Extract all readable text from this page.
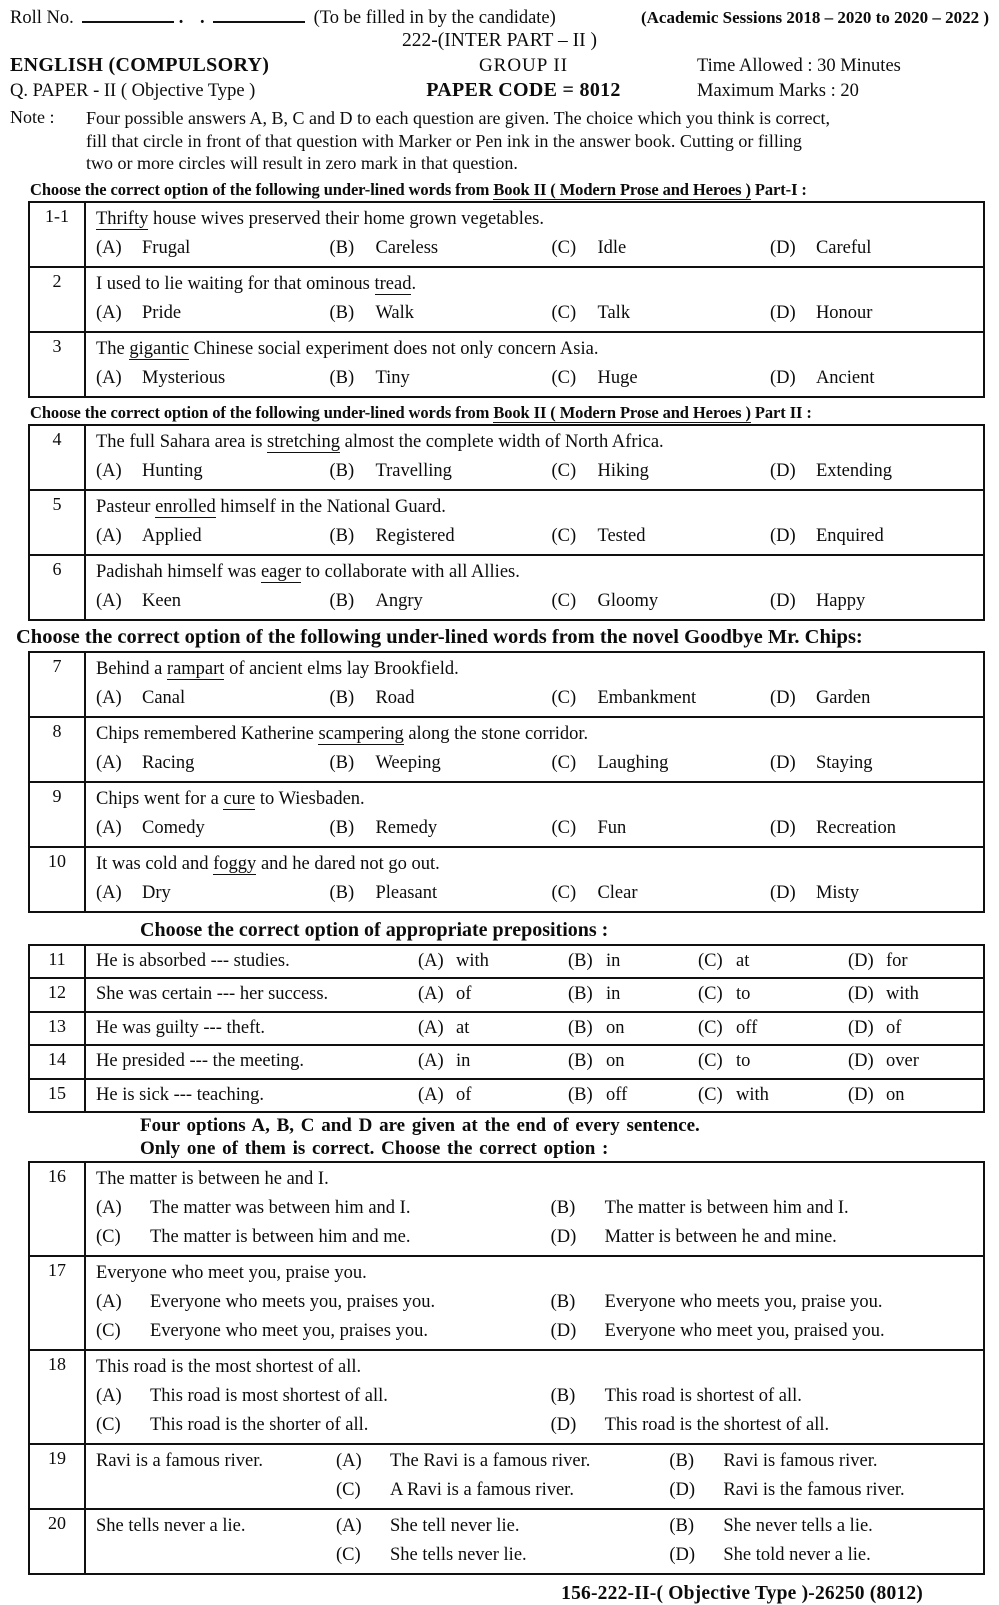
Roll No.	. .	(To be filled in by the candidate)	(Academic Sessions 2018 – 2020 to 2020 – 2022 )
222-(INTER PART – II )
ENGLISH (COMPULSORY)	GROUP II	Time Allowed : 30 Minutes
Q. PAPER - II ( Objective Type )	PAPER CODE = 8012	Maximum Marks : 20
Note :	Four possible answers A, B, C and D to each question are given. The choice which you think is correct,
fill that circle in front of that question with Marker or Pen ink in the answer book. Cutting or filling
two or more circles will result in zero mark in that question.
Choose the correct option of the following under-lined words from Book II ( Modern Prose and Heroes ) Part-I :
1-1	Thrifty house wives preserved their home grown vegetables.
(A) Frugal	(B) Careless	(C) Idle	(D) Careful
2	I used to lie waiting for that ominous tread.
(A) Pride	(B) Walk	(C) Talk	(D) Honour
3	The gigantic Chinese social experiment does not only concern Asia.
(A) Mysterious	(B) Tiny	(C) Huge	(D) Ancient
Choose the correct option of the following under-lined words from Book II ( Modern Prose and Heroes ) Part II :
4	The full Sahara area is stretching almost the complete width of North Africa.
(A) Hunting	(B) Travelling	(C) Hiking	(D) Extending
5	Pasteur enrolled himself in the National Guard.
(A) Applied	(B) Registered	(C) Tested	(D) Enquired
6	Padishah himself was eager to collaborate with all Allies.
(A) Keen	(B) Angry	(C) Gloomy	(D) Happy
Choose the correct option of the following under-lined words from the novel Goodbye Mr. Chips:
7	Behind a rampart of ancient elms lay Brookfield.
(A) Canal	(B) Road	(C) Embankment	(D) Garden
8	Chips remembered Katherine scampering along the stone corridor.
(A) Racing	(B) Weeping	(C) Laughing	(D) Staying
9	Chips went for a cure to Wiesbaden.
(A) Comedy	(B) Remedy	(C) Fun	(D) Recreation
10	It was cold and foggy and he dared not go out.
(A) Dry	(B) Pleasant	(C) Clear	(D) Misty
Choose the correct option of appropriate prepositions :
11	He is absorbed --- studies.	(A) with	(B) in	(C) at	(D) for
12	She was certain --- her success.	(A) of	(B) in	(C) to	(D) with
13	He was guilty --- theft.	(A) at	(B) on	(C) off	(D) of
14	He presided --- the meeting.	(A) in	(B) on	(C) to	(D) over
15	He is sick --- teaching.	(A) of	(B) off	(C) with	(D) on
Four options A, B, C and D are given at the end of every sentence.
Only one of them is correct. Choose the correct option :
16	The matter is between he and I.
(A) The matter was between him and I.	(B) The matter is between him and I.
(C) The matter is between him and me.	(D) Matter is between he and mine.
17	Everyone who meet you, praise you.
(A) Everyone who meets you, praises you.	(B) Everyone who meets you, praise you.
(C) Everyone who meet you, praises you.	(D) Everyone who meet you, praised you.
18	This road is the most shortest of all.
(A) This road is most shortest of all.	(B) This road is shortest of all.
(C) This road is the shorter of all.	(D) This road is the shortest of all.
19	Ravi is a famous river.	(A) The Ravi is a famous river.	(B) Ravi is famous river.
(C) A Ravi is a famous river.	(D) Ravi is the famous river.
20	She tells never a lie.	(A) She tell never lie.	(B) She never tells a lie.
(C) She tells never lie.	(D) She told never a lie.
156-222-II-( Objective Type )-26250 (8012)
